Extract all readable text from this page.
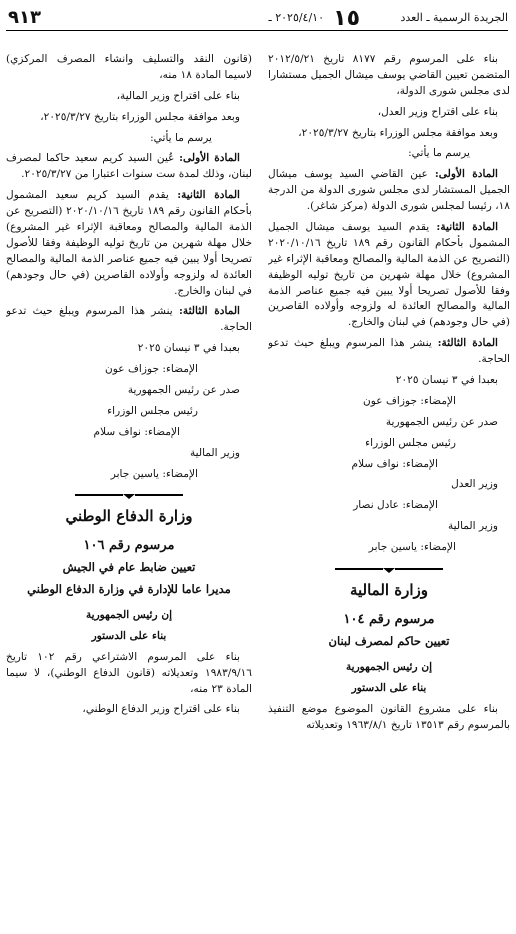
الجريدة الرسمية ـ العدد
١٥
٢٠٢٥/٤/١٠ ـ
٩١٣

بناء على المرسوم رقم ٨١٧٧ تاريخ ٢٠١٢/٥/٢١ المتضمن تعيين القاضي يوسف ميشال الجميل مستشارا لدى مجلس شورى الدولة،

بناء على اقتراح وزير العدل،

وبعد موافقة مجلس الوزراء بتاريخ ٢٠٢٥/٣/٢٧،

يرسم ما يأتي:

المادة الأولى: عين القاضي السيد يوسف ميشال الجميل المستشار لدى مجلس شورى الدولة من الدرجة ١٨، رئيسا لمجلس شورى الدولة (مركز شاغر).

المادة الثانية: يقدم السيد يوسف ميشال الجميل المشمول بأحكام القانون رقم ١٨٩ تاريخ ٢٠٢٠/١٠/١٦ (التصريح عن الذمة المالية والمصالح ومعاقبة الإثراء غير المشروع) خلال مهلة شهرين من تاريخ توليه الوظيفة وفقا للأصول تصريحا أولا يبين فيه جميع عناصر الذمة المالية والمصالح العائدة له ولزوجه وأولاده القاصرين (في حال وجودهم) في لبنان والخارج.

المادة الثالثة: ينشر هذا المرسوم ويبلغ حيث تدعو الحاجة.

بعبدا في ٣ نيسان ٢٠٢٥

الإمضاء: جوزاف عون

صدر عن رئيس الجمهورية

رئيس مجلس الوزراء

الإمضاء: نواف سلام

وزير العدل

الإمضاء: عادل نصار

وزير المالية

الإمضاء: ياسين جابر

وزارة المالية
مرسوم رقم ١٠٤
تعيين حاكم لمصرف لبنان

إن رئيس الجمهورية

بناء على الدستور

بناء على مشروع القانون الموضوع موضع التنفيذ بالمرسوم رقم ١٣٥١٣ تاريخ ١٩٦٣/٨/١ وتعديلاته

(قانون النقد والتسليف وانشاء المصرف المركزي) لاسيما المادة ١٨ منه،

بناء على اقتراح وزير المالية،

وبعد موافقة مجلس الوزراء بتاريخ ٢٠٢٥/٣/٢٧،

يرسم ما يأتي:

المادة الأولى: عُين السيد كريم سعيد حاكما لمصرف لبنان، وذلك لمدة ست سنوات اعتبارا من ٢٠٢٥/٣/٢٧.

المادة الثانية: يقدم السيد كريم سعيد المشمول بأحكام القانون رقم ١٨٩ تاريخ ٢٠٢٠/١٠/١٦ (التصريح عن الذمة المالية والمصالح ومعاقبة الإثراء غير المشروع) خلال مهلة شهرين من تاريخ توليه الوظيفة وفقا للأصول تصريحا أولا يبين فيه جميع عناصر الذمة المالية والمصالح العائدة له ولزوجه وأولاده القاصرين (في حال وجودهم) في لبنان والخارج.

المادة الثالثة: ينشر هذا المرسوم ويبلغ حيث تدعو الحاجة.

بعبدا في ٣ نيسان ٢٠٢٥

الإمضاء: جوزاف عون

صدر عن رئيس الجمهورية

رئيس مجلس الوزراء

الإمضاء: نواف سلام

وزير المالية

الإمضاء: ياسين جابر

وزارة الدفاع الوطني
مرسوم رقم ١٠٦
تعيين ضابط عام في الجيش
مديرا عاما للإدارة في وزارة الدفاع الوطني

إن رئيس الجمهورية

بناء على الدستور

بناء على المرسوم الاشتراعي رقم ١٠٢ تاريخ ١٩٨٣/٩/١٦ وتعديلاته (قانون الدفاع الوطني)، لا سيما المادة ٢٣ منه،

بناء على اقتراح وزير الدفاع الوطني،
